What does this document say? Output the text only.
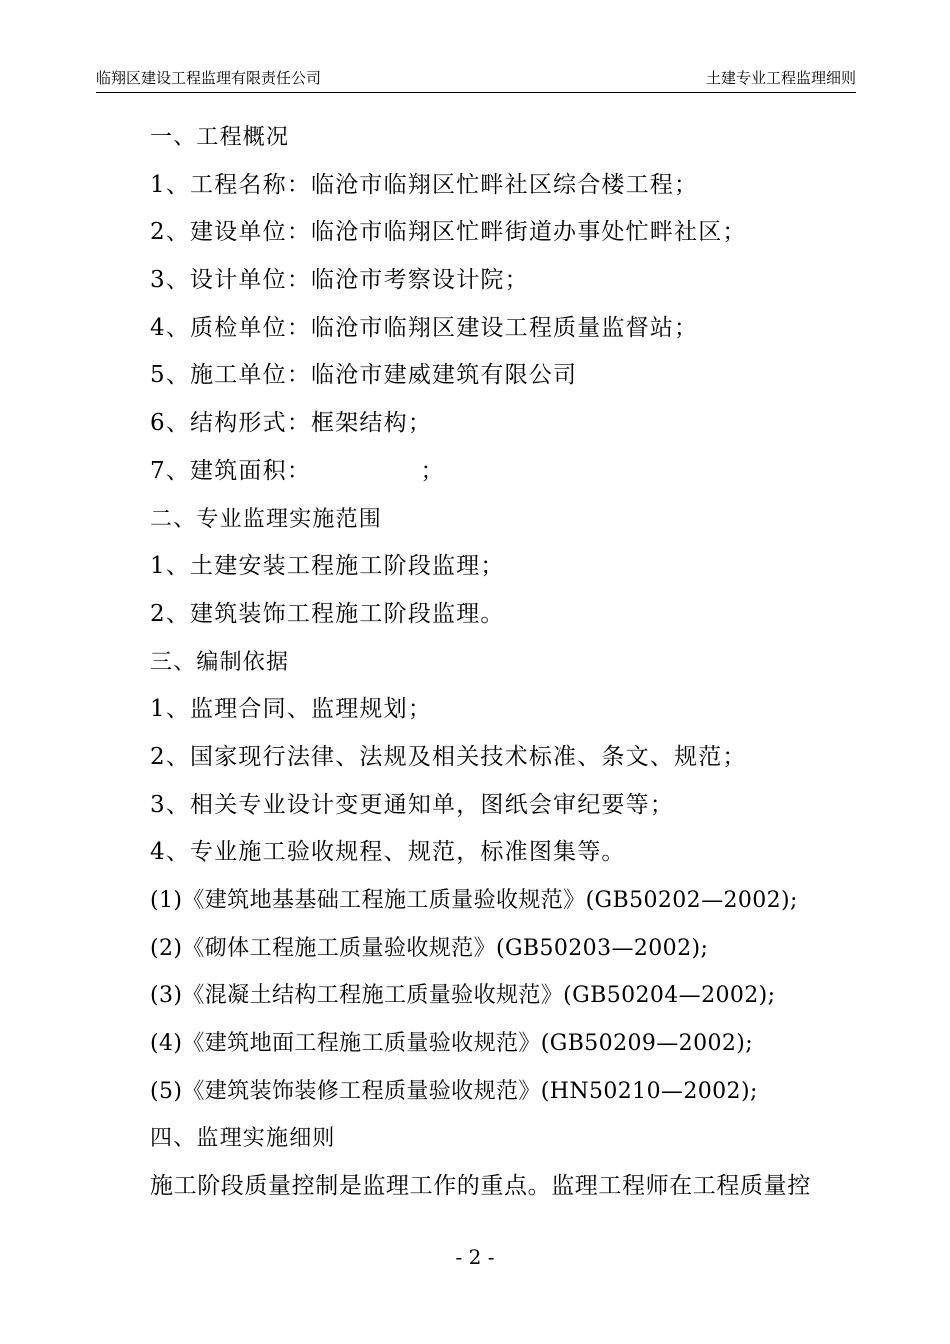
临翔区建设工程监理有限责任公司	土建专业工程监理细则
一、工程概况
1、工程名称：临沧市临翔区忙畔社区综合楼工程；
2、建设单位：临沧市临翔区忙畔街道办事处忙畔社区；
3、设计单位：临沧市考察设计院；
4、质检单位：临沧市临翔区建设工程质量监督站；
5、施工单位：临沧市建威建筑有限公司
6、结构形式：框架结构；
7、建筑面积：　　　　　；
二、专业监理实施范围
1、土建安装工程施工阶段监理；
2、建筑装饰工程施工阶段监理。
三、编制依据
1、监理合同、监理规划；
2、国家现行法律、法规及相关技术标准、条文、规范；
3、相关专业设计变更通知单，图纸会审纪要等；
4、专业施工验收规程、规范，标准图集等。
(1)《建筑地基基础工程施工质量验收规范》(GB50202—2002);
(2)《砌体工程施工质量验收规范》(GB50203—2002);
(3)《混凝土结构工程施工质量验收规范》(GB50204—2002);
(4)《建筑地面工程施工质量验收规范》(GB50209—2002);
(5)《建筑装饰装修工程质量验收规范》(HN50210—2002);
四、监理实施细则
施工阶段质量控制是监理工作的重点。监理工程师在工程质量控
- 2 -
